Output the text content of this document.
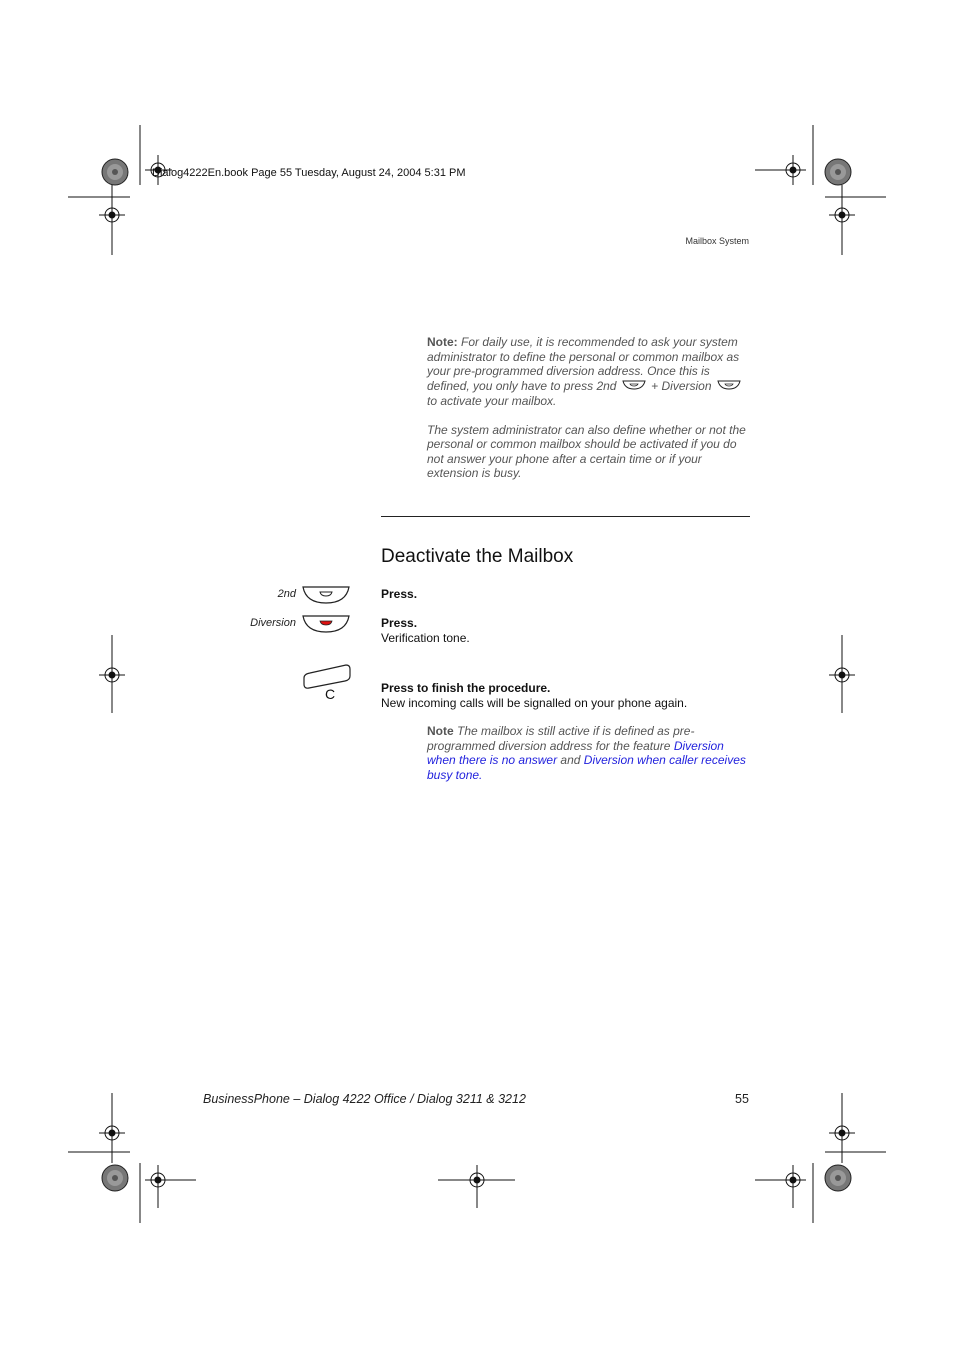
Dialog4222En.book Page 55 Tuesday, August 24, 2004 5:31 PM
Mailbox System

Note: For daily use, it is recommended to ask your system administrator to define the personal or common mailbox as your pre-programmed diversion address. Once this is defined, you only have to press 2nd	+ Diversion  to activate your mailbox.

The system administrator can also define whether or not the personal or common mailbox should be activated if you do not answer your phone after a certain time or if your extension is busy.

Deactivate the Mailbox
2nd	Press.
Diversion	Press.
Verification tone.
C	Press to finish the procedure.
New incoming calls will be signalled on your phone again.
Note The mailbox is still active if is defined as pre-programmed diversion address for the feature Diversion when there is no answer and Diversion when caller receives busy tone.
BusinessPhone – Dialog 4222 Office / Dialog 3211 & 3212	55
